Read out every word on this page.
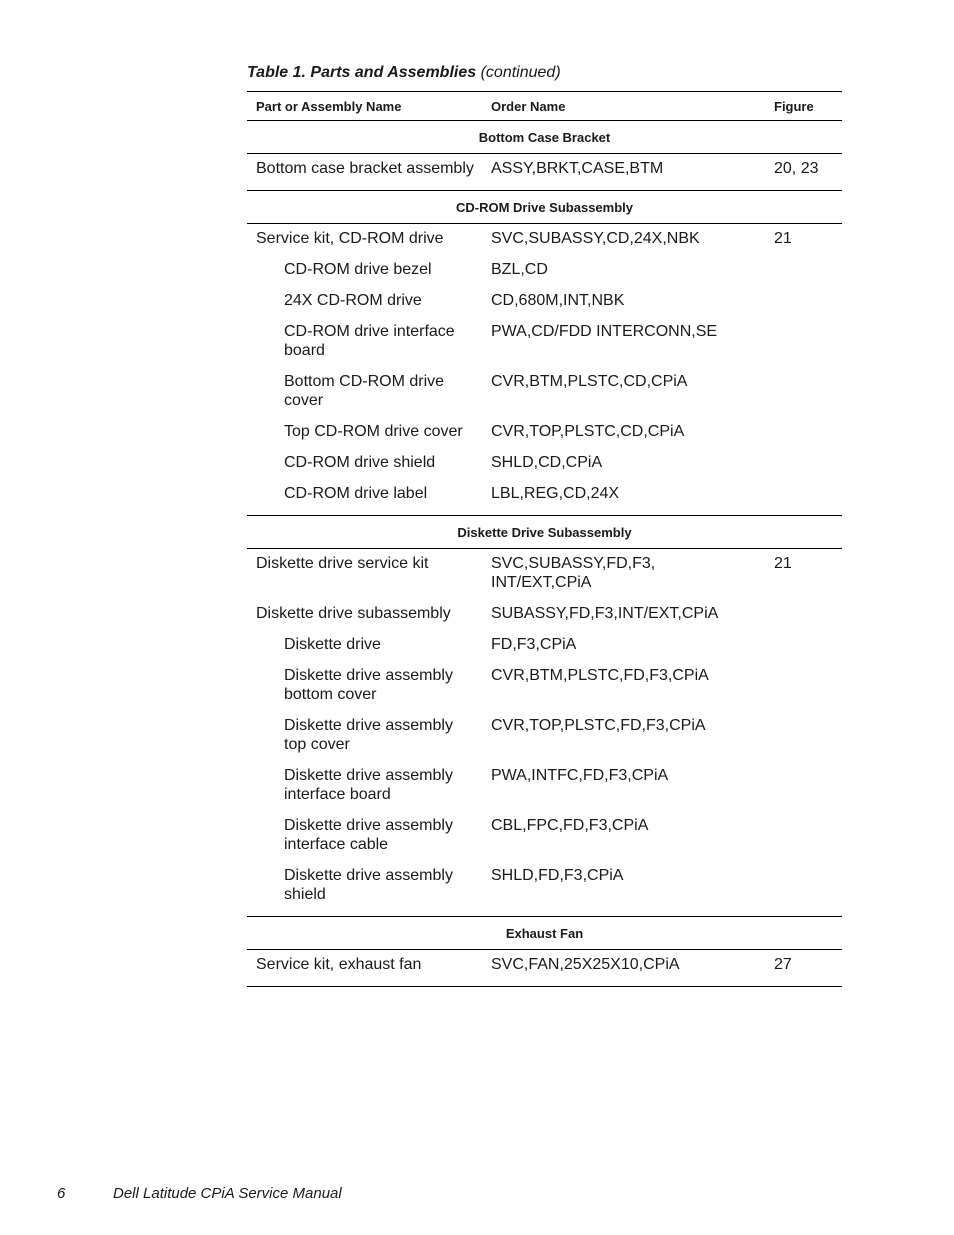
Table 1. Parts and Assemblies (continued)
Part or Assembly Name	Order Name	Figure
Bottom Case Bracket		
Bottom case bracket assembly	ASSY,BRKT,CASE,BTM	20, 23
CD-ROM Drive Subassembly		
Service kit, CD-ROM drive	SVC,SUBASSY,CD,24X,NBK	21
CD-ROM drive bezel	BZL,CD	
24X CD-ROM drive	CD,680M,INT,NBK	
CD-ROM drive interface board	PWA,CD/FDD INTERCONN,SE	
Bottom CD-ROM drive cover	CVR,BTM,PLSTC,CD,CPiA	
Top CD-ROM drive cover	CVR,TOP,PLSTC,CD,CPiA	
CD-ROM drive shield	SHLD,CD,CPiA	
CD-ROM drive label	LBL,REG,CD,24X	
Diskette Drive Subassembly		
Diskette drive service kit	SVC,SUBASSY,FD,F3, INT/EXT,CPiA	21
Diskette drive subassembly	SUBASSY,FD,F3,INT/EXT,CPiA	
Diskette drive	FD,F3,CPiA	
Diskette drive assembly bottom cover	CVR,BTM,PLSTC,FD,F3,CPiA	
Diskette drive assembly top cover	CVR,TOP,PLSTC,FD,F3,CPiA	
Diskette drive assembly interface board	PWA,INTFC,FD,F3,CPiA	
Diskette drive assembly interface cable	CBL,FPC,FD,F3,CPiA	
Diskette drive assembly shield	SHLD,FD,F3,CPiA	
Exhaust Fan		
Service kit, exhaust fan	SVC,FAN,25X25X10,CPiA	27
6	Dell Latitude CPiA Service Manual
